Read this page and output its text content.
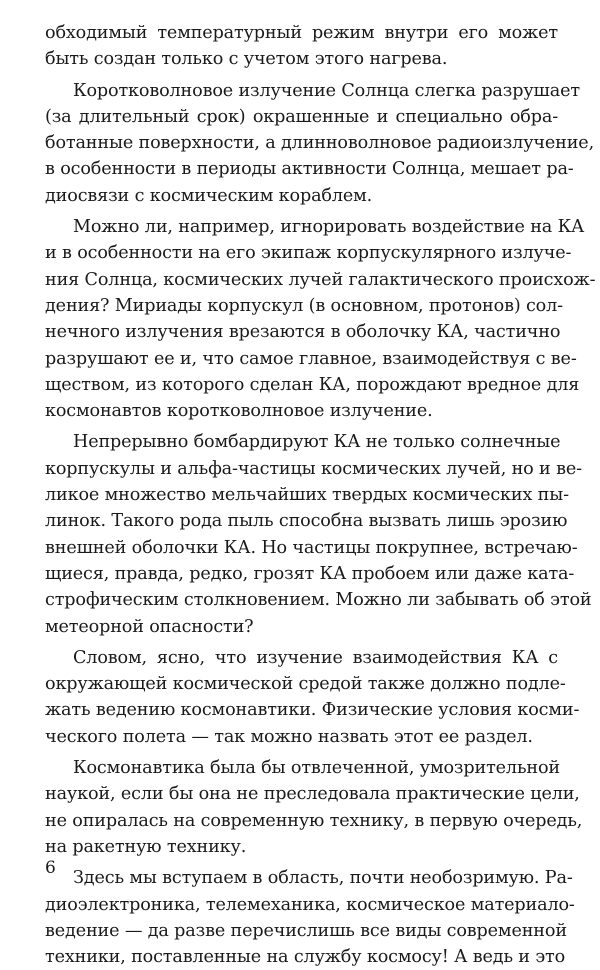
обходимый температурный режим внутри его может
быть создан только с учетом этого нагрева.
Коротковолновое излучение Солнца слегка разрушает
(за длительный срок) окрашенные и специально обра-
ботанные поверхности, а длинноволновое радиоизлучение,
в особенности в периоды активности Солнца, мешает ра-
диосвязи с космическим кораблем.
Можно ли, например, игнорировать воздействие на КА
и в особенности на его экипаж корпускулярного излуче-
ния Солнца, космических лучей галактического происхож-
дения? Мириады корпускул (в основном, протонов) сол-
нечного излучения врезаются в оболочку КА, частично
разрушают ее и, что самое главное, взаимодействуя с ве-
ществом, из которого сделан КА, порождают вредное для
космонавтов коротковолновое излучение.
Непрерывно бомбардируют КА не только солнечные
корпускулы и альфа-частицы космических лучей, но и ве-
ликое множество мельчайших твердых космических пы-
линок. Такого рода пыль способна вызвать лишь эрозию
внешней оболочки КА. Но частицы покрупнее, встречаю-
щиеся, правда, редко, грозят КА пробоем или даже ката-
строфическим столкновением. Можно ли забывать об этой
метеорной опасности?
Словом, ясно, что изучение взаимодействия КА с
окружающей космической средой также должно подле-
жать ведению космонавтики. Физические условия косми-
ческого полета — так можно назвать этот ее раздел.
Космонавтика была бы отвлеченной, умозрительной
наукой, если бы она не преследовала практические цели,
не опиралась на современную технику, в первую очередь,
на ракетную технику.
Здесь мы вступаем в область, почти необозримую. Ра-
диоэлектроника, телемеханика, космическое материало-
ведение — да разве перечислишь все виды современной
техники, поставленные на службу космосу! А ведь и это
6
